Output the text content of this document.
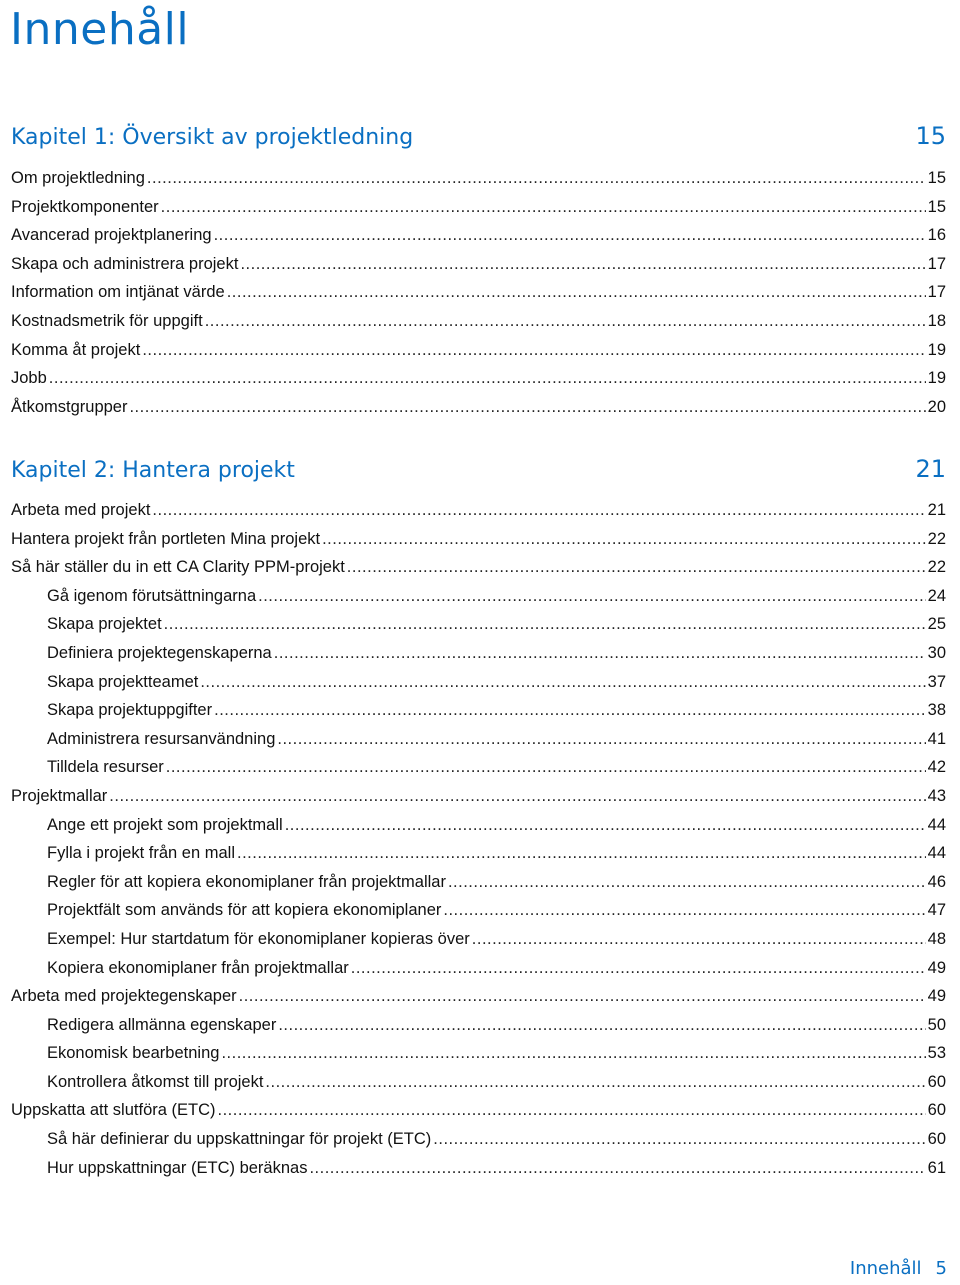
Innehåll
Kapitel 1: Översikt av projektledning	15
Om projektledning .....	15
Projektkomponenter .....	15
Avancerad projektplanering .....	16
Skapa och administrera projekt .....	17
Information om intjänat värde .....	17
Kostnadsmetrik för uppgift .....	18
Komma åt projekt .....	19
Jobb .....	19
Åtkomstgrupper .....	20
Kapitel 2: Hantera projekt	21
Arbeta med projekt .....	21
Hantera projekt från portleten Mina projekt .....	22
Så här ställer du in ett CA Clarity PPM-projekt .....	22
Gå igenom förutsättningarna .....	24
Skapa projektet .....	25
Definiera projektegenskaperna .....	30
Skapa projektteamet .....	37
Skapa projektuppgifter .....	38
Administrera resursanvändning .....	41
Tilldela resurser .....	42
Projektmallar .....	43
Ange ett projekt som projektmall .....	44
Fylla i projekt från en mall .....	44
Regler för att kopiera ekonomiplaner från projektmallar .....	46
Projektfält som används för att kopiera ekonomiplaner .....	47
Exempel: Hur startdatum för ekonomiplaner kopieras över .....	48
Kopiera ekonomiplaner från projektmallar .....	49
Arbeta med projektegenskaper .....	49
Redigera allmänna egenskaper .....	50
Ekonomisk bearbetning .....	53
Kontrollera åtkomst till projekt .....	60
Uppskatta att slutföra (ETC) .....	60
Så här definierar du uppskattningar för projekt (ETC) .....	60
Hur uppskattningar (ETC) beräknas .....	61
Innehåll 5
